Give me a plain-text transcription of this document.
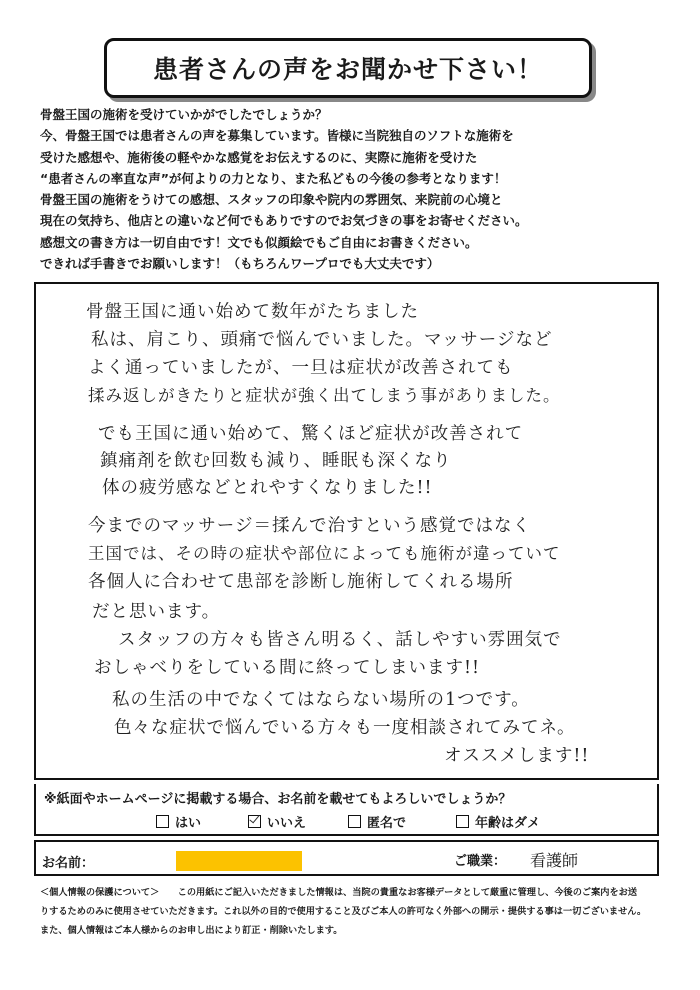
患者さんの声をお聞かせ下さい！
骨盤王国の施術を受けていかがでしたでしょうか？
今、骨盤王国では患者さんの声を募集しています。皆様に当院独自のソフトな施術を
受けた感想や、施術後の軽やかな感覚をお伝えするのに、実際に施術を受けた
“患者さんの率直な声”が何よりの力となり、また私どもの今後の参考となります！
骨盤王国の施術をうけての感想、スタッフの印象や院内の雰囲気、来院前の心境と
現在の気持ち、他店との違いなど何でもありですのでお気づきの事をお寄せください。
感想文の書き方は一切自由です！文でも似顔絵でもご自由にお書きください。
できれば手書きでお願いします！（もちろんワープロでも大丈夫です）
骨盤王国に通い始めて数年がたちました
私は、肩こり、頭痛で悩んでいました。マッサージなど
よく通っていましたが、一旦は症状が改善されても
揉み返しがきたりと症状が強く出てしまう事がありました。
でも王国に通い始めて、驚くほど症状が改善されて
鎮痛剤を飲む回数も減り、睡眠も深くなり
体の疲労感などとれやすくなりました!!
今までのマッサージ＝揉んで治すという感覚ではなく
王国では、その時の症状や部位によっても施術が違っていて
各個人に合わせて患部を診断し施術してくれる場所
だと思います。
スタッフの方々も皆さん明るく、話しやすい雰囲気で
おしゃべりをしている間に終ってしまいます!!
私の生活の中でなくてはならない場所の1つです。
色々な症状で悩んでいる方々も一度相談されてみてネ。
オススメします!!
※紙面やホームページに掲載する場合、お名前を載せてもよろしいでしょうか？
はい	いいえ	匿名で	年齢はダメ
お名前：	ご職業： 看護師
＜個人情報の保護について＞　　この用紙にご記入いただきました情報は、当院の貴重なお客様データとして厳重に管理し、今後のご案内をお送
りするためのみに使用させていただきます。これ以外の目的で使用すること及びご本人の許可なく外部への開示・提供する事は一切ございません。
また、個人情報はご本人様からのお申し出により訂正・削除いたします。
